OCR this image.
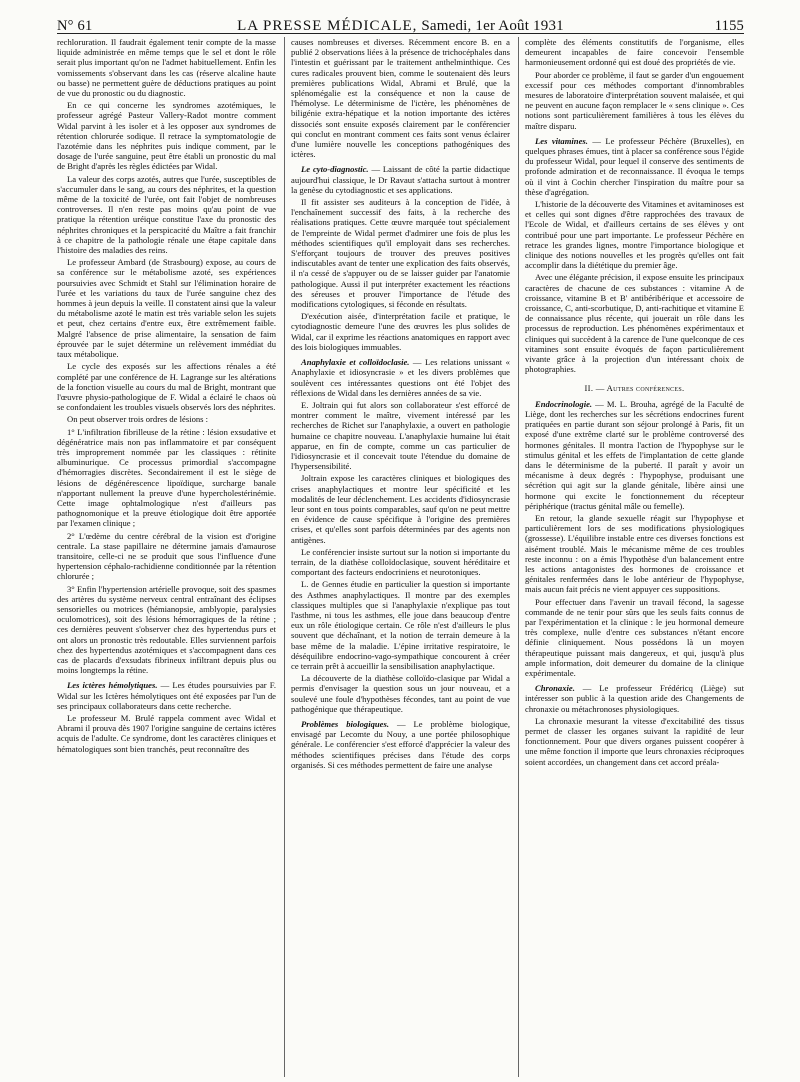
N° 61	LA PRESSE MÉDICALE, Samedi, 1er Août 1931	1155

rechloruration. Il faudrait également tenir compte de la masse liquide administrée en même temps que le sel et dont le rôle serait plus important qu'on ne l'admet habituellement. Enfin les vomissements s'observant dans les cas (réserve alcaline haute ou basse) ne permettent guère de déductions pratiques au point de vue du pronostic ou du diagnostic.

En ce qui concerne les syndromes azotémiques, le professeur agrégé Pasteur Vallery-Radot montre comment Widal parvint à les isoler et à les opposer aux syndromes de rétention chlorurée sodique. Il retrace la symptomatologie de l'azotémie dans les néphrites puis indique comment, par le dosage de l'urée sanguine, peut être établi un pronostic du mal de Bright d'après les règles édictées par Widal.

La valeur des corps azotés, autres que l'urée, susceptibles de s'accumuler dans le sang, au cours des néphrites, et la question même de la toxicité de l'urée, ont fait l'objet de nombreuses controverses. Il n'en reste pas moins qu'au point de vue pratique la rétention uréique constitue l'axe du pronostic des néphrites chroniques et la perspicacité du Maître a fait franchir à ce chapitre de la pathologie rénale une étape capitale dans l'histoire des maladies des reins.

Le professeur Ambard (de Strasbourg) expose, au cours de sa conférence sur le métabolisme azoté, ses expériences poursuivies avec Schmidt et Stahl sur l'élimination horaire de l'urée et les variations du taux de l'urée sanguine chez des hommes à jeun depuis la veille. Il constatent ainsi que la valeur du métabolisme azoté le matin est très variable selon les sujets et peut, chez certains d'entre eux, être extrêmement faible. Malgré l'absence de prise alimentaire, la sensation de faim éprouvée par le sujet détermine un relèvement immédiat du taux métabolique.

Le cycle des exposés sur les affections rénales a été complété par une conférence de H. Lagrange sur les altérations de la fonction visuelle au cours du mal de Bright, montrant que l'œuvre physio-pathologique de F. Widal a éclairé le chaos où se confondaient les troubles visuels observés lors des néphrites.

On peut observer trois ordres de lésions :

1° L'infiltration fibrilleuse de la rétine : lésion exsudative et dégénératrice mais non pas inflammatoire et par conséquent très improprement nommée par les classiques : rétinite albuminurique. Ce processus primordial s'accompagne d'hémorragies discrètes. Secondairement il est le siège de lésions de dégénérescence lipoïdique, surcharge banale n'apportant nullement la preuve d'une hypercholestérinémie. Cette image ophtalmologique n'est d'ailleurs pas pathognomonique et la preuve étiologique doit être apportée par l'examen clinique ;

2° L'œdème du centre cérébral de la vision est d'origine centrale. La stase papillaire ne détermine jamais d'amaurose transitoire, celle-ci ne se produit que sous l'influence d'une hypertension céphalo-rachidienne conditionnée par la rétention chlorurée ;

3° Enfin l'hypertension artérielle provoque, soit des spasmes des artères du système nerveux central entraînant des éclipses sensorielles ou motrices (hémianopsie, amblyopie, paralysies oculomotrices), soit des lésions hémorragiques de la rétine ; ces dernières peuvent s'observer chez des hypertendus purs et ont alors un pronostic très redoutable. Elles surviennent parfois chez des hypertendus azotémiques et s'accompagnent dans ces cas de placards d'exsudats fibrineux infiltrant depuis plus ou moins longtemps la rétine.

Les ictères hémolytiques. — Les études poursuivies par F. Widal sur les Ictères hémolytiques ont été exposées par l'un de ses principaux collaborateurs dans cette recherche.

Le professeur M. Brulé rappela comment avec Widal et Abrami il prouva dès 1907 l'origine sanguine de certains ictères acquis de l'adulte. Ce syndrome, dont les caractères cliniques et hématologiques sont bien tranchés, peut reconnaître des

causes nombreuses et diverses. Récemment encore B. en a publié 2 observations liées à la présence de trichocéphales dans l'intestin et guérissant par le traitement anthelminthique. Ces cures radicales prouvent bien, comme le soutenaient dès leurs premières publications Widal, Abrami et Brulé, que la splénomégalie est la conséquence et non la cause de l'hémolyse. Le déterminisme de l'ictère, les phénomènes de biligénie extra-hépatique et la notion importante des ictères dissociés sont ensuite exposés clairement par le conférencier qui conclut en montrant comment ces faits sont venus éclairer d'une lumière nouvelle les conceptions pathogéniques des ictères.

Le cyto-diagnostic. — Laissant de côté la partie didactique aujourd'hui classique, le Dr Ravaut s'attacha surtout à montrer la genèse du cytodiagnostic et ses applications.

Il fit assister ses auditeurs à la conception de l'idée, à l'enchaînement successif des faits, à la recherche des réalisations pratiques. Cette œuvre marquée tout spécialement de l'empreinte de Widal permet d'admirer une fois de plus les méthodes scientifiques qu'il employait dans ses recherches. S'efforçant toujours de trouver des preuves positives indiscutables avant de tenter une explication des faits observés, il n'a cessé de s'appuyer ou de se laisser guider par l'anatomie pathologique. Aussi il put interpréter exactement les réactions des séreuses et prouver l'importance de l'étude des modifications cytologiques, si féconde en résultats.

D'exécution aisée, d'interprétation facile et pratique, le cytodiagnostic demeure l'une des œuvres les plus solides de Widal, car il exprime les réactions anatomiques en rapport avec des lois biologiques immuables.

Anaphylaxie et colloïdoclasie. — Les relations unissant « Anaphylaxie et idiosyncrasie » et les divers problèmes que soulèvent ces intéressantes questions ont été l'objet des réflexions de Widal dans les dernières années de sa vie.

E. Joltrain qui fut alors son collaborateur s'est efforcé de montrer comment le maître, vivement intéressé par les recherches de Richet sur l'anaphylaxie, a ouvert en pathologie humaine ce chapitre nouveau. L'anaphylaxie humaine lui était apparue, en fin de compte, comme un cas particulier de l'idiosyncrasie et il concevait toute l'étendue du domaine de l'hypersensibilité.

Joltrain expose les caractères cliniques et biologiques des crises anaphylactiques et montre leur spécificité et les modalités de leur déclenchement. Les accidents d'idiosyncrasie leur sont en tous points comparables, sauf qu'on ne peut mettre en évidence de cause spécifique à l'origine des premières crises, et qu'elles sont parfois déterminées par des agents non antigènes.

Le conférencier insiste surtout sur la notion si importante du terrain, de la diathèse colloïdoclasique, souvent héréditaire et comportant des facteurs endocriniens et neurotoniques.

L. de Gennes étudie en particulier la question si importante des Asthmes anaphylactiques. Il montre par des exemples classiques multiples que si l'anaphylaxie n'explique pas tout l'asthme, ni tous les asthmes, elle joue dans beaucoup d'entre eux un rôle étiologique certain. Ce rôle n'est d'ailleurs le plus souvent que déchaînant, et la notion de terrain demeure à la base même de la maladie. L'épine irritative respiratoire, le déséquilibre endocrino-vago-sympathique concourent à créer ce terrain prêt à accueillir la sensibilisation anaphylactique.

La découverte de la diathèse colloïdo-clasique par Widal a permis d'envisager la question sous un jour nouveau, et a soulevé une foule d'hypothèses fécondes, tant au point de vue pathogénique que thérapeutique.

Problèmes biologiques. — Le problème biologique, envisagé par Lecomte du Nouy, a une portée philosophique générale. Le conférencier s'est efforcé d'apprécier la valeur des méthodes scientifiques précises dans l'étude des corps organisés. Si ces méthodes permettent de faire une analyse

complète des éléments constitutifs de l'organisme, elles demeurent incapables de faire concevoir l'ensemble harmonieusement ordonné qui est doué des propriétés de vie.

Pour aborder ce problème, il faut se garder d'un engouement excessif pour ces méthodes comportant d'innombrables mesures de laboratoire d'interprétation souvent malaisée, et qui ne peuvent en aucune façon remplacer le « sens clinique ». Ces notions sont particulièrement familières à tous les élèves du maître disparu.

Les vitamines. — Le professeur Péchère (Bruxelles), en quelques phrases émues, tint à placer sa conférence sous l'égide du professeur Widal, pour lequel il conserve des sentiments de profonde admiration et de reconnaissance. Il évoqua le temps où il vint à Cochin chercher l'inspiration du maître pour sa thèse d'agrégation.

L'historie de la découverte des Vitamines et avitaminoses est et celles qui sont dignes d'être rapprochées des travaux de l'Ecole de Widal, et d'ailleurs certains de ses élèves y ont contribué pour une part importante. Le professeur Péchère en retrace les grandes lignes, montre l'importance biologique et clinique des notions nouvelles et les progrès qu'elles ont fait accomplir dans la diététique du premier âge.

Avec une élégante précision, il expose ensuite les principaux caractères de chacune de ces substances : vitamine A de croissance, vitamine B et B' antibéribérique et accessoire de croissance, C, anti-scorbutique, D, anti-rachitique et vitamine E de connaissance plus récente, qui jouerait un rôle dans les processus de reproduction. Les phénomènes expérimentaux et cliniques qui succèdent à la carence de l'une quelconque de ces vitamines sont ensuite évoqués de façon particulièrement vivante grâce à la projection d'un intéressant choix de photographies.

II. — Autres conférences.

Endocrinologie. — M. L. Brouha, agrégé de la Faculté de Liège, dont les recherches sur les sécrétions endocrines furent pratiquées en partie durant son séjour prolongé à Paris, fit un exposé d'une extrême clarté sur le problème controversé des hormones génitales. Il montra l'action de l'hypophyse sur le stimulus génital et les effets de l'implantation de cette glande dans le déterminisme de la puberté. Il paraît y avoir un mécanisme à deux degrés : l'hypophyse, produisant une sécrétion qui agit sur la glande génitale, libère ainsi une hormone qui excite le fonctionnement du récepteur périphérique (tractus génital mâle ou femelle).

En retour, la glande sexuelle réagit sur l'hypophyse et particulièrement lors de ses modifications physiologiques (grossesse). L'équilibre instable entre ces diverses fonctions est aisément troublé. Mais le mécanisme même de ces troubles reste inconnu : on a émis l'hypothèse d'un balancement entre les actions antagonistes des hormones de croissance et génitales renfermées dans le lobe antérieur de l'hypophyse, mais aucun fait précis ne vient appuyer ces suppositions.

Pour effectuer dans l'avenir un travail fécond, la sagesse commande de ne tenir pour sûrs que les seuls faits connus de par l'expérimentation et la clinique : le jeu hormonal demeure très complexe, nulle d'entre ces substances n'étant encore définie cliniquement. Nous possédons là un moyen thérapeutique puissant mais dangereux, et qui, jusqu'à plus ample information, doit demeurer du domaine de la clinique expérimentale.

Chronaxie. — Le professeur Frédéricq (Liège) sut intéresser son public à la question aride des Changements de chronaxie ou métachronoses physiologiques.

La chronaxie mesurant la vitesse d'excitabilité des tissus permet de classer les organes suivant la rapidité de leur fonctionnement. Pour que divers organes puissent coopérer à une même fonction il importe que leurs chronaxies réciproques soient accordées, un changement dans cet accord préala-
